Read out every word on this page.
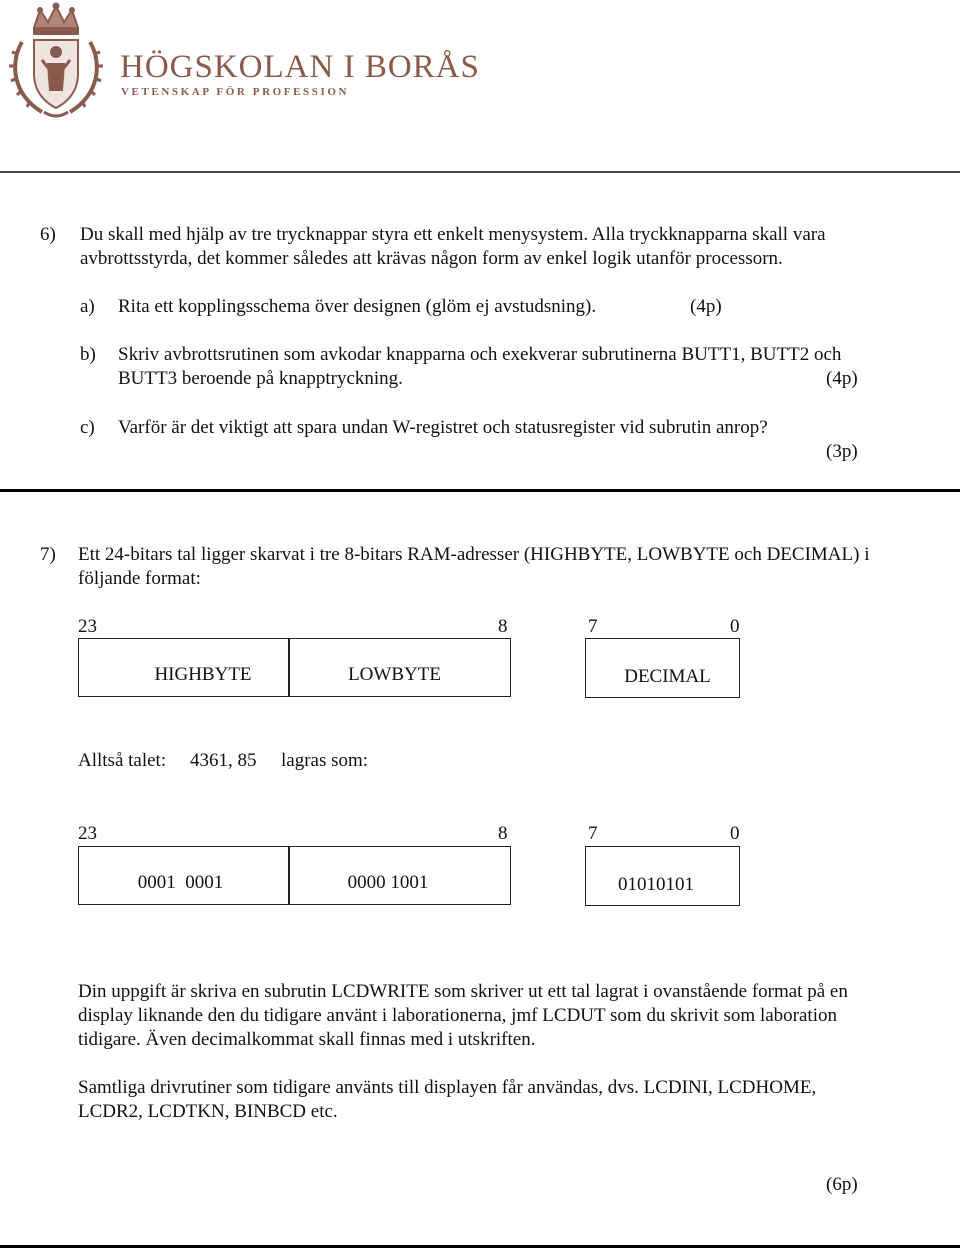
HÖGSKOLAN I BORÅS
VETENSKAP FÖR PROFESSION
6) Du skall med hjälp av tre trycknappar styra ett enkelt menysystem. Alla tryckknapparna skall vara
avbrottsstyrda, det kommer således att krävas någon form av enkel logik utanför processorn.
a) Rita ett kopplingsschema över designen (glöm ej avstudsning).	(4p)
b) Skriv avbrottsrutinen som avkodar knapparna och exekverar subrutinerna BUTT1, BUTT2 och
BUTT3 beroende på knapptryckning.	(4p)
c) Varför är det viktigt att spara undan W-registret och statusregister vid subrutin anrop?
(3p)
7) Ett 24-bitars tal ligger skarvat i tre 8-bitars RAM-adresser (HIGHBYTE, LOWBYTE och DECIMAL) i
följande format:
23	8	7	0
HIGHBYTE	LOWBYTE	DECIMAL
Alltså talet: 4361, 85 lagras som:
23	8	7	0
0001  0001	0000 1001	01010101
Din uppgift är skriva en subrutin LCDWRITE som skriver ut ett tal lagrat i ovanstående format på en
display liknande den du tidigare använt i laborationerna, jmf LCDUT som du skrivit som laboration
tidigare. Även decimalkommat skall finnas med i utskriften.
Samtliga drivrutiner som tidigare använts till displayen får användas, dvs. LCDINI, LCDHOME,
LCDR2, LCDTKN, BINBCD etc.
(6p)
